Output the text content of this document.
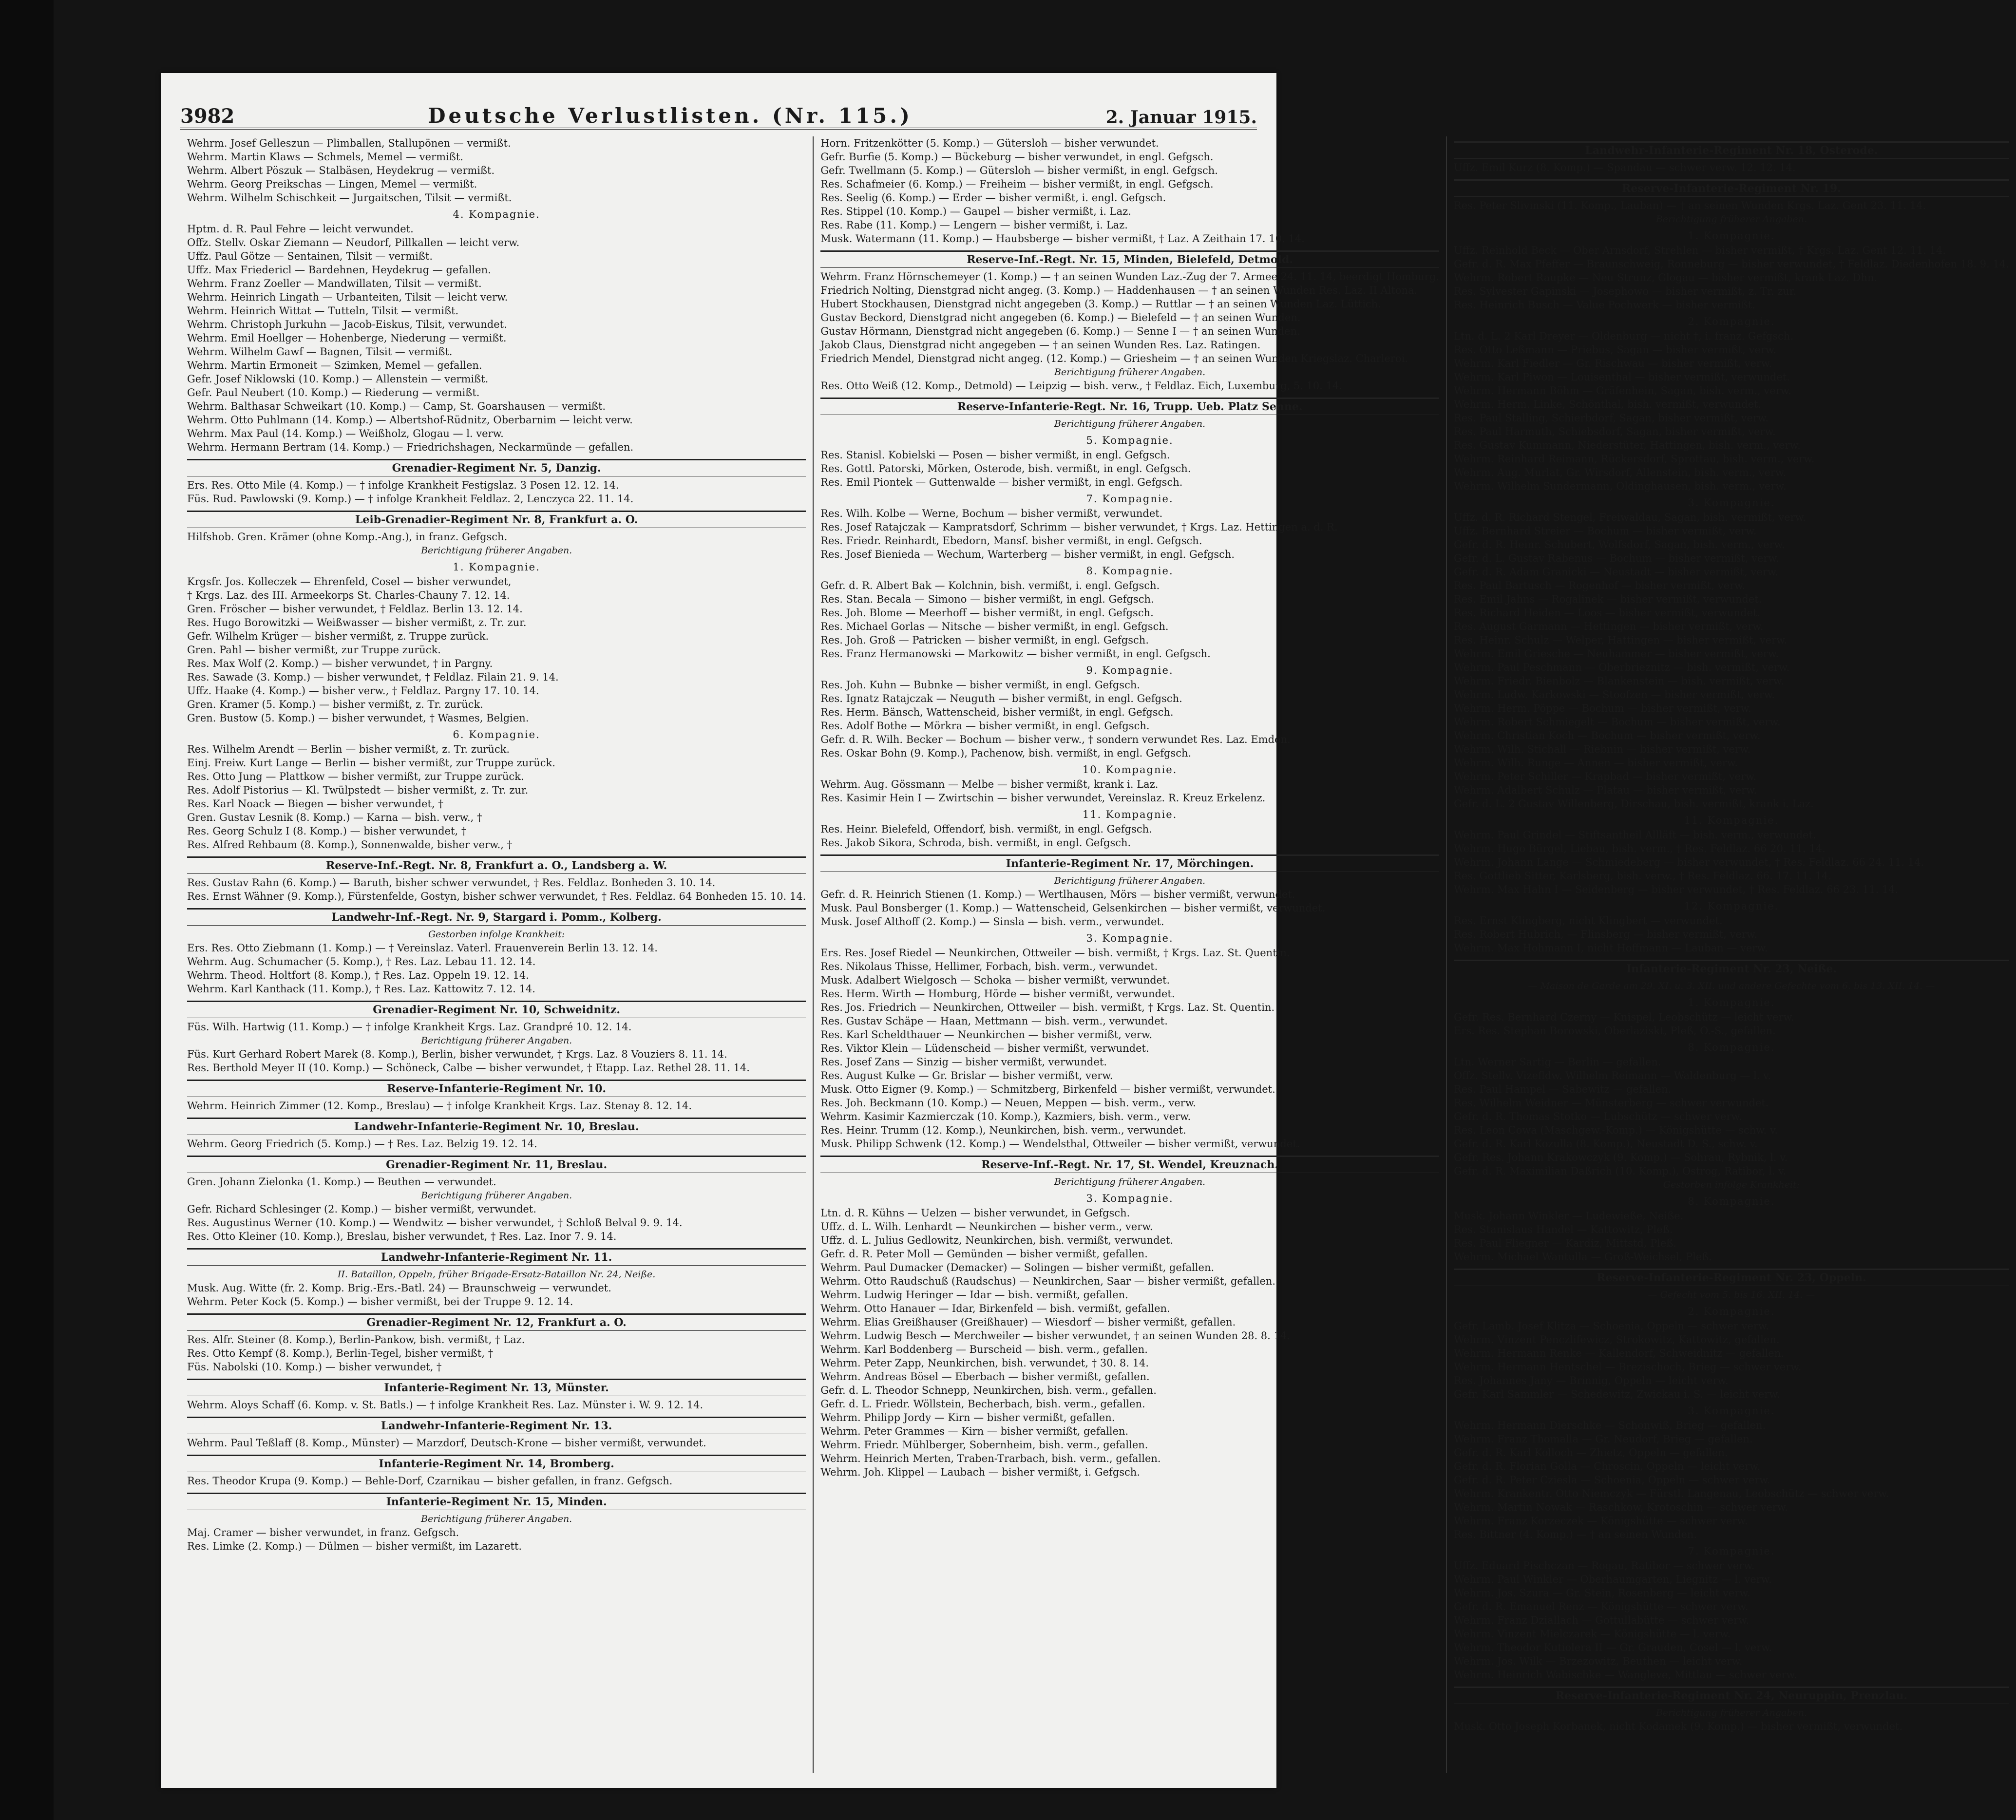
3982	Deutsche Verlustlisten. (Nr. 115.)	2. Januar 1915.
Wehrm. Josef Gelleszun — Plimballen, Stallupönen — vermißt.
Wehrm. Martin Klaws — Schmels, Memel — vermißt.
Wehrm. Albert Pöszuk — Stalbäsen, Heydekrug — vermißt.
Wehrm. Georg Preikschas — Lingen, Memel — vermißt.
Wehrm. Wilhelm Schischkeit — Jurgaitschen, Tilsit — vermißt.
4. Kompagnie.
Hptm. d. R. Paul Fehre — leicht verwundet.
Offz. Stellv. Oskar Ziemann — Neudorf, Pillkallen — leicht verw.
Uffz. Paul Götze — Sentainen, Tilsit — vermißt.
Uffz. Max Friedericl — Bardehnen, Heydekrug — gefallen.
Wehrm. Franz Zoeller — Mandwillaten, Tilsit — vermißt.
Wehrm. Heinrich Lingath — Urbanteiten, Tilsit — leicht verw.
Wehrm. Heinrich Wittat — Tutteln, Tilsit — vermißt.
Wehrm. Christoph Jurkuhn — Jacob-Eiskus, Tilsit, verwundet.
Wehrm. Emil Hoellger — Hohenberge, Niederung — vermißt.
Wehrm. Wilhelm Gawf — Bagnen, Tilsit — vermißt.
Wehrm. Martin Ermoneit — Szimken, Memel — gefallen.
Gefr. Josef Niklowski (10. Komp.) — Allenstein — vermißt.
Gefr. Paul Neubert (10. Komp.) — Riederung — vermißt.
Wehrm. Balthasar Schweikart (10. Komp.) — Camp, St. Goarshausen — vermißt.
Wehrm. Otto Puhlmann (14. Komp.) — Albertshof-Rüdnitz, Oberbarnim — leicht verw.
Wehrm. Max Paul (14. Komp.) — Weißholz, Glogau — l. verw.
Wehrm. Hermann Bertram (14. Komp.) — Friedrichshagen, Neckarmünde — gefallen.
Grenadier-Regiment Nr. 5, Danzig.
Ers. Res. Otto Mile (4. Komp.) — † infolge Krankheit Festigslaz. 3 Posen 12. 12. 14.
Füs. Rud. Pawlowski (9. Komp.) — † infolge Krankheit Feldlaz. 2, Lenczyca 22. 11. 14.
Leib-Grenadier-Regiment Nr. 8, Frankfurt a. O.
Hilfshob. Gren. Krämer (ohne Komp.-Ang.), in franz. Gefgsch.
Berichtigung früherer Angaben.
1. Kompagnie.
Krgsfr. Jos. Kolleczek — Ehrenfeld, Cosel — bisher verwundet,
† Krgs. Laz. des III. Armeekorps St. Charles-Chauny 7. 12. 14.
Gren. Fröscher — bisher verwundet, † Feldlaz. Berlin 13. 12. 14.
Res. Hugo Borowitzki — Weißwasser — bisher vermißt, z. Tr. zur.
Gefr. Wilhelm Krüger — bisher vermißt, z. Truppe zurück.
Gren. Pahl — bisher vermißt, zur Truppe zurück.
Res. Max Wolf (2. Komp.) — bisher verwundet, † in Pargny.
Res. Sawade (3. Komp.) — bisher verwundet, † Feldlaz. Filain 21. 9. 14.
Uffz. Haake (4. Komp.) — bisher verw., † Feldlaz. Pargny 17. 10. 14.
Gren. Kramer (5. Komp.) — bisher vermißt, z. Tr. zurück.
Gren. Bustow (5. Komp.) — bisher verwundet, † Wasmes, Belgien.
6. Kompagnie.
Res. Wilhelm Arendt — Berlin — bisher vermißt, z. Tr. zurück.
Einj. Freiw. Kurt Lange — Berlin — bisher vermißt, zur Truppe zurück.
Res. Otto Jung — Plattkow — bisher vermißt, zur Truppe zurück.
Res. Adolf Pistorius — Kl. Twülpstedt — bisher vermißt, z. Tr. zur.
Res. Karl Noack — Biegen — bisher verwundet, †
Gren. Gustav Lesnik (8. Komp.) — Karna — bish. verw., †
Res. Georg Schulz I (8. Komp.) — bisher verwundet, †
Res. Alfred Rehbaum (8. Komp.), Sonnenwalde, bisher verw., †
Reserve-Inf.-Regt. Nr. 8, Frankfurt a. O., Landsberg a. W.
Res. Gustav Rahn (6. Komp.) — Baruth, bisher schwer verwundet, † Res. Feldlaz. Bonheden 3. 10. 14.
Res. Ernst Wähner (9. Komp.), Fürstenfelde, Gostyn, bisher schwer verwundet, † Res. Feldlaz. 64 Bonheden 15. 10. 14.
Landwehr-Inf.-Regt. Nr. 9, Stargard i. Pomm., Kolberg.
Gestorben infolge Krankheit:
Ers. Res. Otto Ziebmann (1. Komp.) — † Vereinslaz. Vaterl. Frauenverein Berlin 13. 12. 14.
Wehrm. Aug. Schumacher (5. Komp.), † Res. Laz. Lebau 11. 12. 14.
Wehrm. Theod. Holtfort (8. Komp.), † Res. Laz. Oppeln 19. 12. 14.
Wehrm. Karl Kanthack (11. Komp.), † Res. Laz. Kattowitz 7. 12. 14.
Grenadier-Regiment Nr. 10, Schweidnitz.
Füs. Wilh. Hartwig (11. Komp.) — † infolge Krankheit Krgs. Laz. Grandpré 10. 12. 14.
Berichtigung früherer Angaben.
Füs. Kurt Gerhard Robert Marek (8. Komp.), Berlin, bisher verwundet, † Krgs. Laz. 8 Vouziers 8. 11. 14.
Res. Berthold Meyer II (10. Komp.) — Schöneck, Calbe — bisher verwundet, † Etapp. Laz. Rethel 28. 11. 14.
Reserve-Infanterie-Regiment Nr. 10.
Wehrm. Heinrich Zimmer (12. Komp., Breslau) — † infolge Krankheit Krgs. Laz. Stenay 8. 12. 14.
Landwehr-Infanterie-Regiment Nr. 10, Breslau.
Wehrm. Georg Friedrich (5. Komp.) — † Res. Laz. Belzig 19. 12. 14.
Grenadier-Regiment Nr. 11, Breslau.
Gren. Johann Zielonka (1. Komp.) — Beuthen — verwundet.
Berichtigung früherer Angaben.
Gefr. Richard Schlesinger (2. Komp.) — bisher vermißt, verwundet.
Res. Augustinus Werner (10. Komp.) — Wendwitz — bisher verwundet, † Schloß Belval 9. 9. 14.
Res. Otto Kleiner (10. Komp.), Breslau, bisher verwundet, † Res. Laz. Inor 7. 9. 14.
Landwehr-Infanterie-Regiment Nr. 11.
II. Bataillon, Oppeln, früher Brigade-Ersatz-Bataillon Nr. 24, Neiße.
Musk. Aug. Witte (fr. 2. Komp. Brig.-Ers.-Batl. 24) — Braunschweig — verwundet.
Wehrm. Peter Kock (5. Komp.) — bisher vermißt, bei der Truppe 9. 12. 14.
Grenadier-Regiment Nr. 12, Frankfurt a. O.
Res. Alfr. Steiner (8. Komp.), Berlin-Pankow, bish. vermißt, † Laz.
Res. Otto Kempf (8. Komp.), Berlin-Tegel, bisher vermißt, †
Füs. Nabolski (10. Komp.) — bisher verwundet, †
Infanterie-Regiment Nr. 13, Münster.
Wehrm. Aloys Schaff (6. Komp. v. St. Batls.) — † infolge Krankheit Res. Laz. Münster i. W. 9. 12. 14.
Landwehr-Infanterie-Regiment Nr. 13.
Wehrm. Paul Teßlaff (8. Komp., Münster) — Marzdorf, Deutsch-Krone — bisher vermißt, verwundet.
Infanterie-Regiment Nr. 14, Bromberg.
Res. Theodor Krupa (9. Komp.) — Behle-Dorf, Czarnikau — bisher gefallen, in franz. Gefgsch.
Infanterie-Regiment Nr. 15, Minden.
Berichtigung früherer Angaben.
Maj. Cramer — bisher verwundet, in franz. Gefgsch.
Res. Limke (2. Komp.) — Dülmen — bisher vermißt, im Lazarett.
Horn. Fritzenkötter (5. Komp.) — Gütersloh — bisher verwundet.
Gefr. Burfie (5. Komp.) — Bückeburg — bisher verwundet, in engl. Gefgsch.
Gefr. Twellmann (5. Komp.) — Gütersloh — bisher vermißt, in engl. Gefgsch.
Res. Schafmeier (6. Komp.) — Freiheim — bisher vermißt, in engl. Gefgsch.
Res. Seelig (6. Komp.) — Erder — bisher vermißt, i. engl. Gefgsch.
Res. Stippel (10. Komp.) — Gaupel — bisher vermißt, i. Laz.
Res. Rabe (11. Komp.) — Lengern — bisher vermißt, i. Laz.
Musk. Watermann (11. Komp.) — Haubsberge — bisher vermißt, † Laz. A Zeithain 17. 10. 14.
Reserve-Inf.-Regt. Nr. 15, Minden, Bielefeld, Detmold.
Wehrm. Franz Hörnschemeyer (1. Komp.) — † an seinen Wunden Laz.-Zug der 7. Armee 24. 11. 14, beerdigt Homburg.
Friedrich Nolting, Dienstgrad nicht angeg. (3. Komp.) — Haddenhausen — † an seinen Wunden Res. Laz. II Altona.
Hubert Stockhausen, Dienstgrad nicht angegeben (3. Komp.) — Ruttlar — † an seinen Wunden Laz. Lüttich.
Gustav Beckord, Dienstgrad nicht angegeben (6. Komp.) — Bielefeld — † an seinen Wunden.
Gustav Hörmann, Dienstgrad nicht angegeben (6. Komp.) — Senne I — † an seinen Wunden.
Jakob Claus, Dienstgrad nicht angegeben — † an seinen Wunden Res. Laz. Ratingen.
Friedrich Mendel, Dienstgrad nicht angeg. (12. Komp.) — Griesheim — † an seinen Wunden Kriegslaz. Charleroi.
Berichtigung früherer Angaben.
Res. Otto Weiß (12. Komp., Detmold) — Leipzig — bish. verw., † Feldlaz. Eich, Luxemburg, 5. 10. 14.
Reserve-Infanterie-Regt. Nr. 16, Trupp. Ueb. Platz Senne.
Berichtigung früherer Angaben.
5. Kompagnie.
Res. Stanisl. Kobielski — Posen — bisher vermißt, in engl. Gefgsch.
Res. Gottl. Patorski, Mörken, Osterode, bish. vermißt, in engl. Gefgsch.
Res. Emil Piontek — Guttenwalde — bisher vermißt, in engl. Gefgsch.
7. Kompagnie.
Res. Wilh. Kolbe — Werne, Bochum — bisher vermißt, verwundet.
Res. Josef Ratajczak — Kampratsdorf, Schrimm — bisher verwundet, † Krgs. Laz. Hettingen a. d. R.
Res. Friedr. Reinhardt, Ebedorn, Mansf. bisher vermißt, in engl. Gefgsch.
Res. Josef Bienieda — Wechum, Warterberg — bisher vermißt, in engl. Gefgsch.
8. Kompagnie.
Gefr. d. R. Albert Bak — Kolchnin, bish. vermißt, i. engl. Gefgsch.
Res. Stan. Becala — Simono — bisher vermißt, in engl. Gefgsch.
Res. Joh. Blome — Meerhoff — bisher vermißt, in engl. Gefgsch.
Res. Michael Gorlas — Nitsche — bisher vermißt, in engl. Gefgsch.
Res. Joh. Groß — Patricken — bisher vermißt, in engl. Gefgsch.
Res. Franz Hermanowski — Markowitz — bisher vermißt, in engl. Gefgsch.
9. Kompagnie.
Res. Joh. Kuhn — Bubnke — bisher vermißt, in engl. Gefgsch.
Res. Ignatz Ratajczak — Neuguth — bisher vermißt, in engl. Gefgsch.
Res. Herm. Bänsch, Wattenscheid, bisher vermißt, in engl. Gefgsch.
Res. Adolf Bothe — Mörkra — bisher vermißt, in engl. Gefgsch.
Gefr. d. R. Wilh. Becker — Bochum — bisher verw., † sondern verwundet Res. Laz. Emden.
Res. Oskar Bohn (9. Komp.), Pachenow, bish. vermißt, in engl. Gefgsch.
10. Kompagnie.
Wehrm. Aug. Gössmann — Melbe — bisher vermißt, krank i. Laz.
Res. Kasimir Hein I — Zwirtschin — bisher verwundet, Vereinslaz. R. Kreuz Erkelenz.
11. Kompagnie.
Res. Heinr. Bielefeld, Offendorf, bish. vermißt, in engl. Gefgsch.
Res. Jakob Sikora, Schroda, bish. vermißt, in engl. Gefgsch.
Infanterie-Regiment Nr. 17, Mörchingen.
Berichtigung früherer Angaben.
Gefr. d. R. Heinrich Stienen (1. Komp.) — Wertlhausen, Mörs — bisher vermißt, verwundet.
Musk. Paul Bonsberger (1. Komp.) — Wattenscheid, Gelsenkirchen — bisher vermißt, verwundet.
Musk. Josef Althoff (2. Komp.) — Sinsla — bish. verm., verwundet.
3. Kompagnie.
Ers. Res. Josef Riedel — Neunkirchen, Ottweiler — bish. vermißt, † Krgs. Laz. St. Quentin.
Res. Nikolaus Thisse, Hellimer, Forbach, bish. verm., verwundet.
Musk. Adalbert Wielgosch — Schoka — bisher vermißt, verwundet.
Res. Herm. Wirth — Homburg, Hörde — bisher vermißt, verwundet.
Res. Jos. Friedrich — Neunkirchen, Ottweiler — bish. vermißt, † Krgs. Laz. St. Quentin.
Res. Gustav Schäpe — Haan, Mettmann — bish. verm., verwundet.
Res. Karl Scheldthauer — Neunkirchen — bisher vermißt, verw.
Res. Viktor Klein — Lüdenscheid — bisher vermißt, verwundet.
Res. Josef Zans — Sinzig — bisher vermißt, verwundet.
Res. August Kulke — Gr. Brislar — bisher vermißt, verw.
Musk. Otto Eigner (9. Komp.) — Schmitzberg, Birkenfeld — bisher vermißt, verwundet.
Res. Joh. Beckmann (10. Komp.) — Neuen, Meppen — bish. verm., verw.
Wehrm. Kasimir Kazmierczak (10. Komp.), Kazmiers, bish. verm., verw.
Res. Heinr. Trumm (12. Komp.), Neunkirchen, bish. verm., verwundet.
Musk. Philipp Schwenk (12. Komp.) — Wendelsthal, Ottweiler — bisher vermißt, verwundet.
Reserve-Inf.-Regt. Nr. 17, St. Wendel, Kreuznach.
Berichtigung früherer Angaben.
3. Kompagnie.
Ltn. d. R. Kühns — Uelzen — bisher verwundet, in Gefgsch.
Uffz. d. L. Wilh. Lenhardt — Neunkirchen — bisher verm., verw.
Uffz. d. L. Julius Gedlowitz, Neunkirchen, bish. vermißt, verwundet.
Gefr. d. R. Peter Moll — Gemünden — bisher vermißt, gefallen.
Wehrm. Paul Dumacker (Demacker) — Solingen — bisher vermißt, gefallen.
Wehrm. Otto Raudschuß (Raudschus) — Neunkirchen, Saar — bisher vermißt, gefallen.
Wehrm. Ludwig Heringer — Idar — bish. vermißt, gefallen.
Wehrm. Otto Hanauer — Idar, Birkenfeld — bish. vermißt, gefallen.
Wehrm. Elias Greißhauser (Greißhauer) — Wiesdorf — bisher vermißt, gefallen.
Wehrm. Ludwig Besch — Merchweiler — bisher verwundet, † an seinen Wunden 28. 8. 14.
Wehrm. Karl Boddenberg — Burscheid — bish. verm., gefallen.
Wehrm. Peter Zapp, Neunkirchen, bish. verwundet, † 30. 8. 14.
Wehrm. Andreas Bösel — Eberbach — bisher vermißt, gefallen.
Gefr. d. L. Theodor Schnepp, Neunkirchen, bish. verm., gefallen.
Gefr. d. L. Friedr. Wöllstein, Becherbach, bish. verm., gefallen.
Wehrm. Philipp Jordy — Kirn — bisher vermißt, gefallen.
Wehrm. Peter Grammes — Kirn — bisher vermißt, gefallen.
Wehrm. Friedr. Mühlberger, Sobernheim, bish. verm., gefallen.
Wehrm. Heinrich Merten, Traben-Trarbach, bish. verm., gefallen.
Wehrm. Joh. Klippel — Laubach — bisher vermißt, i. Gefgsch.
Landwehr-Infanterie-Regiment Nr. 18, Osterode.
Uffz. Emil Kurz (8. Komp.) — Spandau — schwer verw. 12. 12. 14.
Reserve-Infanterie-Regiment Nr. 19.
Res. Peter Slivinski (11. Komp., Lauban) — † an seinen Wunden Krgs. Laz. Gent 23. 11. 14.
Berichtigung früherer Angaben.
1. Kompagnie.
Uffz. Reinhold Beck — Ober Arnsdorf, Strehlen — bisher vermißt, † Krgs. Laz. Gent 12. 11. 14.
Gefr. d. R. Max Pfeffer — Braunschweig, Ronneburg — bisher verwundet, † Feldlaz. Diedenhofen 18. 9. 14.
Wehrm. Robert Raupke — Neu Strunz, Glogau — bisher vermißt, krank Laz. Dhn.
Res. Sylvester Gapinski — Josephowo — bisher vermißt, z. Tr. zur.
Res. Heinrich Busch — Value Pochwerk — bisher vermißt.
2. Kompagnie.
Ltn. d. L. 2 Karl Dreyer — Oldenburg — nicht †, i. franz. Gefgsch.
Res. Otto Leßmann — Priebus, Sagan — bisher vermißt, verw.
Wehrm. Karl Fiedler — Gr. Rischwau — bisher vermißt, verw.
Wehrm. Karl Piwon — Louisenthal — bisher vermißt, verwundet.
Wehrm. Hermann Böhm — Gräfenhein, Sagan, bish. verm., verw.
Wehrm. Herm. Linke, Schönthal, bish. vermißt, verwundet.
Res. Paul Stalling, Schierbdorf, Sagan, bisher vermißt, verw.
Res. Paul Harmuth, Schiebsdorf, Sagan, bisher vermißt, verw.
Res. Gustav Kummann, Niederstüter, Hattingen, bish. verm., verw.
Wehrm. Reinhard Reimann, Rückersdorf, Sprottau, bish. verm., verw.
Wehrm. Aug. Murlat, Gr. Wirsdorf, Allenstein, bish. verm., verw.
Wehrm. Wilhelm Sundermann, Oldinghausen, bish. verm., verw.
3. Kompagnie.
Uffz. d. R. Richard Stengel, Freiwaldau, Sagan, bish. vermißt, verw.
Uffz. Bernhard Streier — Bochum — bisher vermißt, verw.
Gefr. d. R. Heinr. Schubert, Wolfsdorf, Sagan, bish. verm., verw.
Gefr. d. L. Gustav Rabenus — Bochum — bisher vermißt, verw.
Gefr. d. R. Adam Granicki — Neustadt — bisher vermißt, verw.
Res. Paul Bartusch — Rogenhof — bisher vermißt, verw.
Res. Emil Jahns — Rogalinek — bisher vermißt, verwundet.
Res. Richard Heiden — Loos — bisher vermißt, verwundet.
Res. August Garmann — Hettingen — bisher vermißt, verw.
Res. Heinr. Schulz — Welper, Hattingen — bisher vermißt, verw.
Wehrm. Emil Griesche — Neuhammer — bisher vermißt, verw.
Wehrm. Paul Peschmann — Oberbrieznitz — bish. vermißt, verw.
Wehrm. Friedr. Bienbolz — Blankenstein — bish. vermißt, verw.
Wehrm. Ludw. Karkowski — Stoofzen — bisher vermißt, verw.
Wehrm. Herm. Pöppe — Bochum — bisher vermißt, verw.
Wehrm. Robert Schmiegelt — Bochum — bisher vermißt, verw.
Wehrm. Christian Koch — Bochum — bisher vermißt, verw.
Wehrm. Wilh. Stichall — Riebnin — bisher vermißt, verw.
Wehrm. Wilh. Runge — Annen — bisher vermißt, verw.
Wehrm. Peter Schiller — Krapbad — bisher vermißt, verw.
Wehrm. Adalbert Schulz — Platau — bisher vermißt, verw.
Gefr. d. L. 2 Gustav Willenberg, Dirschau, bish. vermißt, krank i. Laz.
11. Kompagnie.
Wehrm. Paul Grindel — Stiftsantheil Allläft — bish. verm., verwundet.
Wehrm. Hugo Bürgel, Liebau, bish. verm., † Res. Feldlaz. 66 20. 11. 14.
Wehrm. Johann Lange — Schmiedeberg — bisher verwundet, † Res. Feldlaz. 66 24. 11. 14.
Res. Gottlieb Sitter, Karlsberg, bish. verw., † Res. Feldlaz. 66. 17. 11. 14.
Wehrm. Max Hahn I — Seidenberg — bisher verwundet, † Res. Feldlaz. 66 23. 11. 14.
12. Kompagnie.
Res. Ernst Klingberg, nicht Klingbert — verwundet.
Res. Robert Hubrich, — Flinsberg — bisher vermißt, verw.
Wehrm. Max Hohmann I, nicht Hoffmann — Lauban — verw.
Infanterie-Regiment Nr. 23, Neiße.
— Maison de Garde am 29. XI. u. 3. XII. und andere Gefechte vom 6. bis 13. XII. 14. —
1. Kompagnie.
Gefr. Res. Bernhard Czerny — Knispel, Leobschütz — leicht verw.
Ers. Res. Stephan Borowski, Oberlaziskt, Pleß, O.-S., gefallen.
8. Kompagnie.
Ltn. Werner Sartig — Berlin — gefallen.
Offz. Stellv. Vizefldw. Wilhelm Reimann — Waldenburg — l. v.
Res. Paul Hampel — Sabewitz — gefallen.
Res. Wilhelm Weidner — Münsterberg — schwer verwundet.
Gefr. d. R. Thomas Stotko — Lubschütz — schwer verw.
Res. Leon Cowa (Maschgew.-Komp.) — Königshütte — schw. v.
Gefr. d. R. Karl Kozulla (8. Komp.), Neustadt D. S., schw. v.
Gefr. Res. Johann Krakowczyk (9. Komp.) — Sohrau, Rybnik, l. v.
Gefr. d. R. Maximilian Daßrich (10. Komp.), Ostrog, Ratibor, l. v.
Gestorben infolge Krankheit:
8. Kompagnie.
Musk. Johann Winkler — Ludewieße, Neiße.
Res. Stanislaus Handel — Kattowitz, Pleß.
Res. Paul Fliegner — Kardiz, Mittstd, Pleß.
Wehrm. Michael Wantulla — Groß-Weichsel, Pleß.
Reserve-Infanterie-Regiment Nr. 23, Oppeln.
— Gefecht vom 5. bis 16. XII. 14. —
2. Kompagnie.
Gefr. Lamb. Josef Klitza — Schoenia, Oppeln — schwer verw.
Wehrm. Vinzent Penczlifewicz, Strokowitz, Kattowitz, gefallen.
Wehrm. Hermann Renke — Kallendorf, Schweidnitz — gefallen.
Wehrm. Hermann Hentschel — Brezischoch, Brieg — schwer verw.
Res. Johannes Jany — Brinnig, Oppeln — leicht verw.
Gefr. Karl Sammler — Schedewitz, Zwickau i. S. — leicht verw.
3. Kompagnie.
Wehrm. Hermann Dierschke — Schonwiß, Brieg — gefallen.
Wehrm. Franz Thomalla — Gr. Neudorf, Brieg — gefallen.
Gefr. d. R. Karl Kolloch — Zhietz, Oppeln — gefallen.
Gefr. d. R. Florian Golla — Chroscin, Oppeln — leicht verw.
Gefr. d. R. Peter Cziesla — Schoenia, Oppeln — schwer verw.
Wehrm. Krankentr. Otto Niemczyk — Fürstl. Langenau, Leobschütz — schwer verw.
Wehrm. Martin Nowak — Raschkow, Krotoschin — schwer verw.
Wehrm. Franz Korzeczek — Königshütte — schwer verw.
Res. Bittner (4. Komp.) — † an seinen Wunden.
7. Kompagnie.
Uffz. Eduard Pischczan — Rogau, Ratibor — schwer verw.
Wehrm. Paul Winkler — Oberhaumgarten, Liegnitz — l. verw.
Wehrm. Jos. Szura — Gr. Stein, Rosenberg — leicht verw.
Gefr. d. R. Emanuel Renz — Königshütte — schwer verw.
Wehrm. Franz Dziallach — Gottullabütte — schwer verw.
Wehrm. Vinzent Mielczarek — Königshütte — l. verw.
Wehrm. Theodor Kutiolera II — Gr. Grauden, Cosel — l. verw.
Wehrm. Jos. Wilk — Brzezowitz, Beuthen — leicht verw.
Wehrm. Heinrich Wabischke — Wangleve, Mittlau — schwer verw.
Reserve-Infanterie-Regiment Nr. 24, Neuruppin, Prenzlau.
Berichtigung früherer Angaben.
Musk. Otto Joseph Korbanek, nicht Kodamek (9. Komp.) — bisher vermißt, verwundet.
